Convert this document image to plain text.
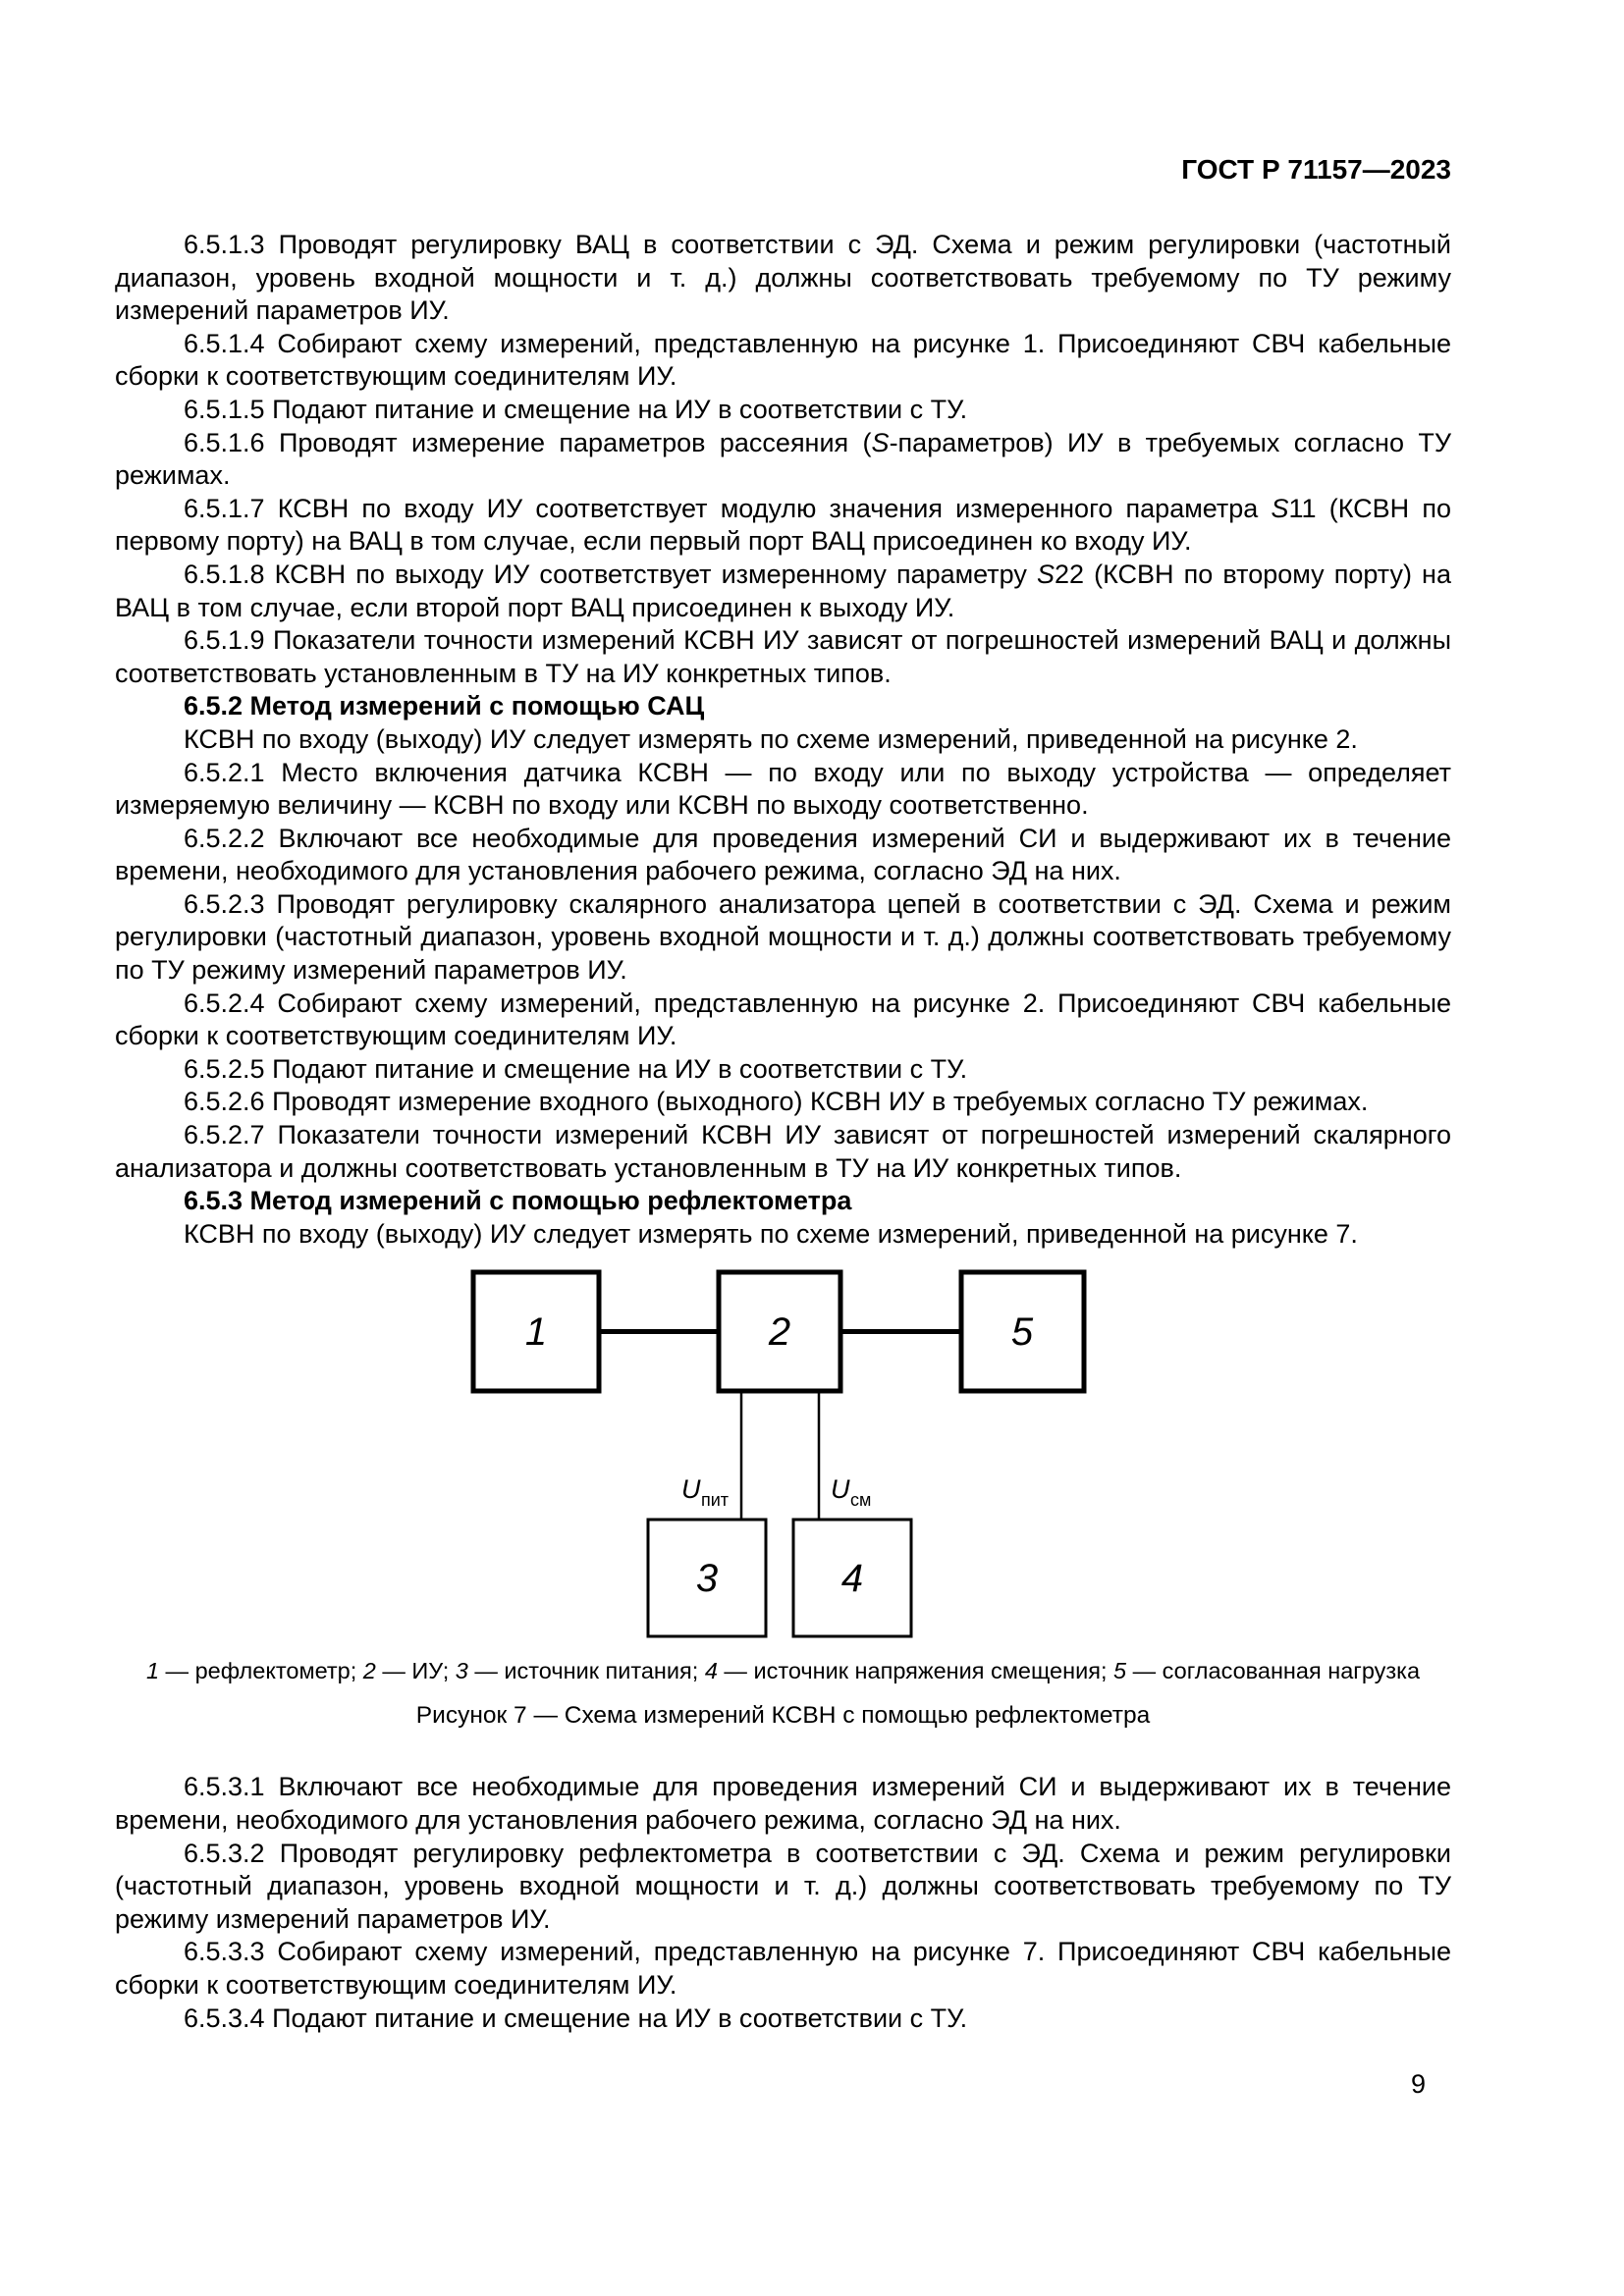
ГОСТ Р 71157—2023

6.5.1.3 Проводят регулировку ВАЦ в соответствии с ЭД. Схема и режим регулировки (частотный диапазон, уровень входной мощности и т. д.) должны соответствовать требуемому по ТУ режиму измерений параметров ИУ.

6.5.1.4 Собирают схему измерений, представленную на рисунке 1. Присоединяют СВЧ кабельные сборки к соответствующим соединителям ИУ.

6.5.1.5 Подают питание и смещение на ИУ в соответствии с ТУ.

6.5.1.6 Проводят измерение параметров рассеяния (S-параметров) ИУ в требуемых согласно ТУ режимах.

6.5.1.7 КСВН по входу ИУ соответствует модулю значения измеренного параметра S11 (КСВН по первому порту) на ВАЦ в том случае, если первый порт ВАЦ присоединен ко входу ИУ.

6.5.1.8 КСВН по выходу ИУ соответствует измеренному параметру S22 (КСВН по второму порту) на ВАЦ в том случае, если второй порт ВАЦ присоединен к выходу ИУ.

6.5.1.9 Показатели точности измерений КСВН ИУ зависят от погрешностей измерений ВАЦ и должны соответствовать установленным в ТУ на ИУ конкретных типов.

6.5.2 Метод измерений с помощью САЦ

КСВН по входу (выходу) ИУ следует измерять по схеме измерений, приведенной на рисунке 2.

6.5.2.1 Место включения датчика КСВН — по входу или по выходу устройства — определяет измеряемую величину — КСВН по входу или КСВН по выходу соответственно.

6.5.2.2 Включают все необходимые для проведения измерений СИ и выдерживают их в течение времени, необходимого для установления рабочего режима, согласно ЭД на них.

6.5.2.3 Проводят регулировку скалярного анализатора цепей в соответствии с ЭД. Схема и режим регулировки (частотный диапазон, уровень входной мощности и т. д.) должны соответствовать требуемому по ТУ режиму измерений параметров ИУ.

6.5.2.4 Собирают схему измерений, представленную на рисунке 2. Присоединяют СВЧ кабельные сборки к соответствующим соединителям ИУ.

6.5.2.5 Подают питание и смещение на ИУ в соответствии с ТУ.

6.5.2.6 Проводят измерение входного (выходного) КСВН ИУ в требуемых согласно ТУ режимах.

6.5.2.7 Показатели точности измерений КСВН ИУ зависят от погрешностей измерений скалярного анализатора и должны соответствовать установленным в ТУ на ИУ конкретных типов.

6.5.3 Метод измерений с помощью рефлектометра

КСВН по входу (выходу) ИУ следует измерять по схеме измерений, приведенной на рисунке 7.

1	2	5
3	4
U пит	U см
1 — рефлектометр; 2 — ИУ; 3 — источник питания; 4 — источник напряжения смещения; 5 — согласованная нагрузка
Рисунок 7 — Схема измерений КСВН с помощью рефлектометра

6.5.3.1 Включают все необходимые для проведения измерений СИ и выдерживают их в течение времени, необходимого для установления рабочего режима, согласно ЭД на них.

6.5.3.2 Проводят регулировку рефлектометра в соответствии с ЭД. Схема и режим регулировки (частотный диапазон, уровень входной мощности и т. д.) должны соответствовать требуемому по ТУ режиму измерений параметров ИУ.

6.5.3.3 Собирают схему измерений, представленную на рисунке 7. Присоединяют СВЧ кабельные сборки к соответствующим соединителям ИУ.

6.5.3.4 Подают питание и смещение на ИУ в соответствии с ТУ.

9
